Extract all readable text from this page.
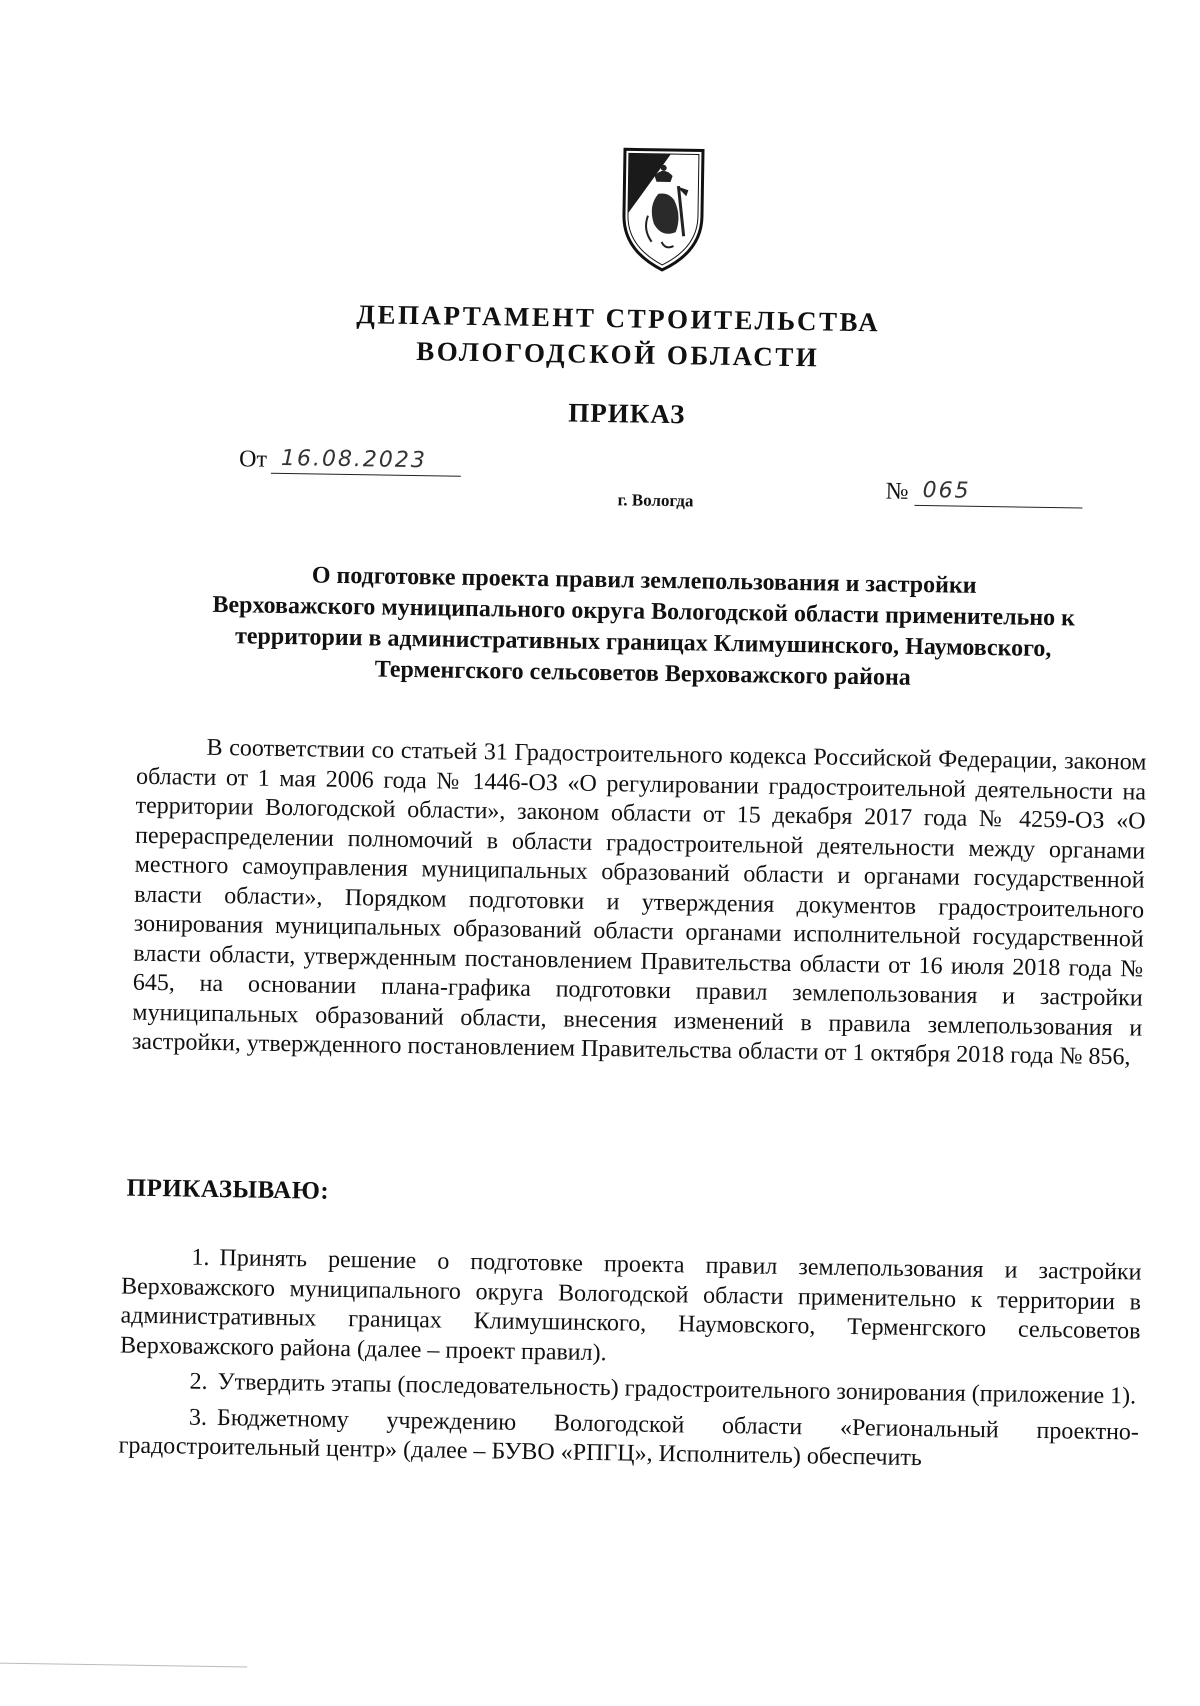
ДЕПАРТАМЕНТ СТРОИТЕЛЬСТВА
ВОЛОГОДСКОЙ ОБЛАСТИ
ПРИКАЗ
От 16.08.2023
№ 065
г. Вологда
О подготовке проекта правил землепользования и застройки
Верховажского муниципального округа Вологодской области применительно к
территории в административных границах Климушинского, Наумовского,
Терменгского сельсоветов Верховажского района
В соответствии со статьей 31 Градостроительного кодекса Российской Федерации, законом области от 1 мая 2006 года № 1446-ОЗ «О регулировании градостроительной деятельности на территории Вологодской области», законом области от 15 декабря 2017 года № 4259-ОЗ «О перераспределении полномочий в области градостроительной деятельности между органами местного самоуправления муниципальных образований области и органами государственной власти области», Порядком подготовки и утверждения документов градостроительного зонирования муниципальных образований области органами исполнительной государственной власти области, утвержденным постановлением Правительства области от 16 июля 2018 года № 645, на основании плана-графика подготовки правил землепользования и застройки муниципальных образований области, внесения изменений в правила землепользования и застройки, утвержденного постановлением Правительства области от 1 октября 2018 года № 856,
ПРИКАЗЫВАЮ:

1. Принять решение о подготовке проекта правил землепользования и застройки Верховажского муниципального округа Вологодской области применительно к территории в административных границах Климушинского, Наумовского, Терменгского сельсоветов Верховажского района (далее – проект правил).

2. Утвердить этапы (последовательность) градостроительного зонирования (приложение 1).

3. Бюджетному учреждению Вологодской области «Региональный проектно-градостроительный центр» (далее – БУВО «РПГЦ», Исполнитель) обеспечить
